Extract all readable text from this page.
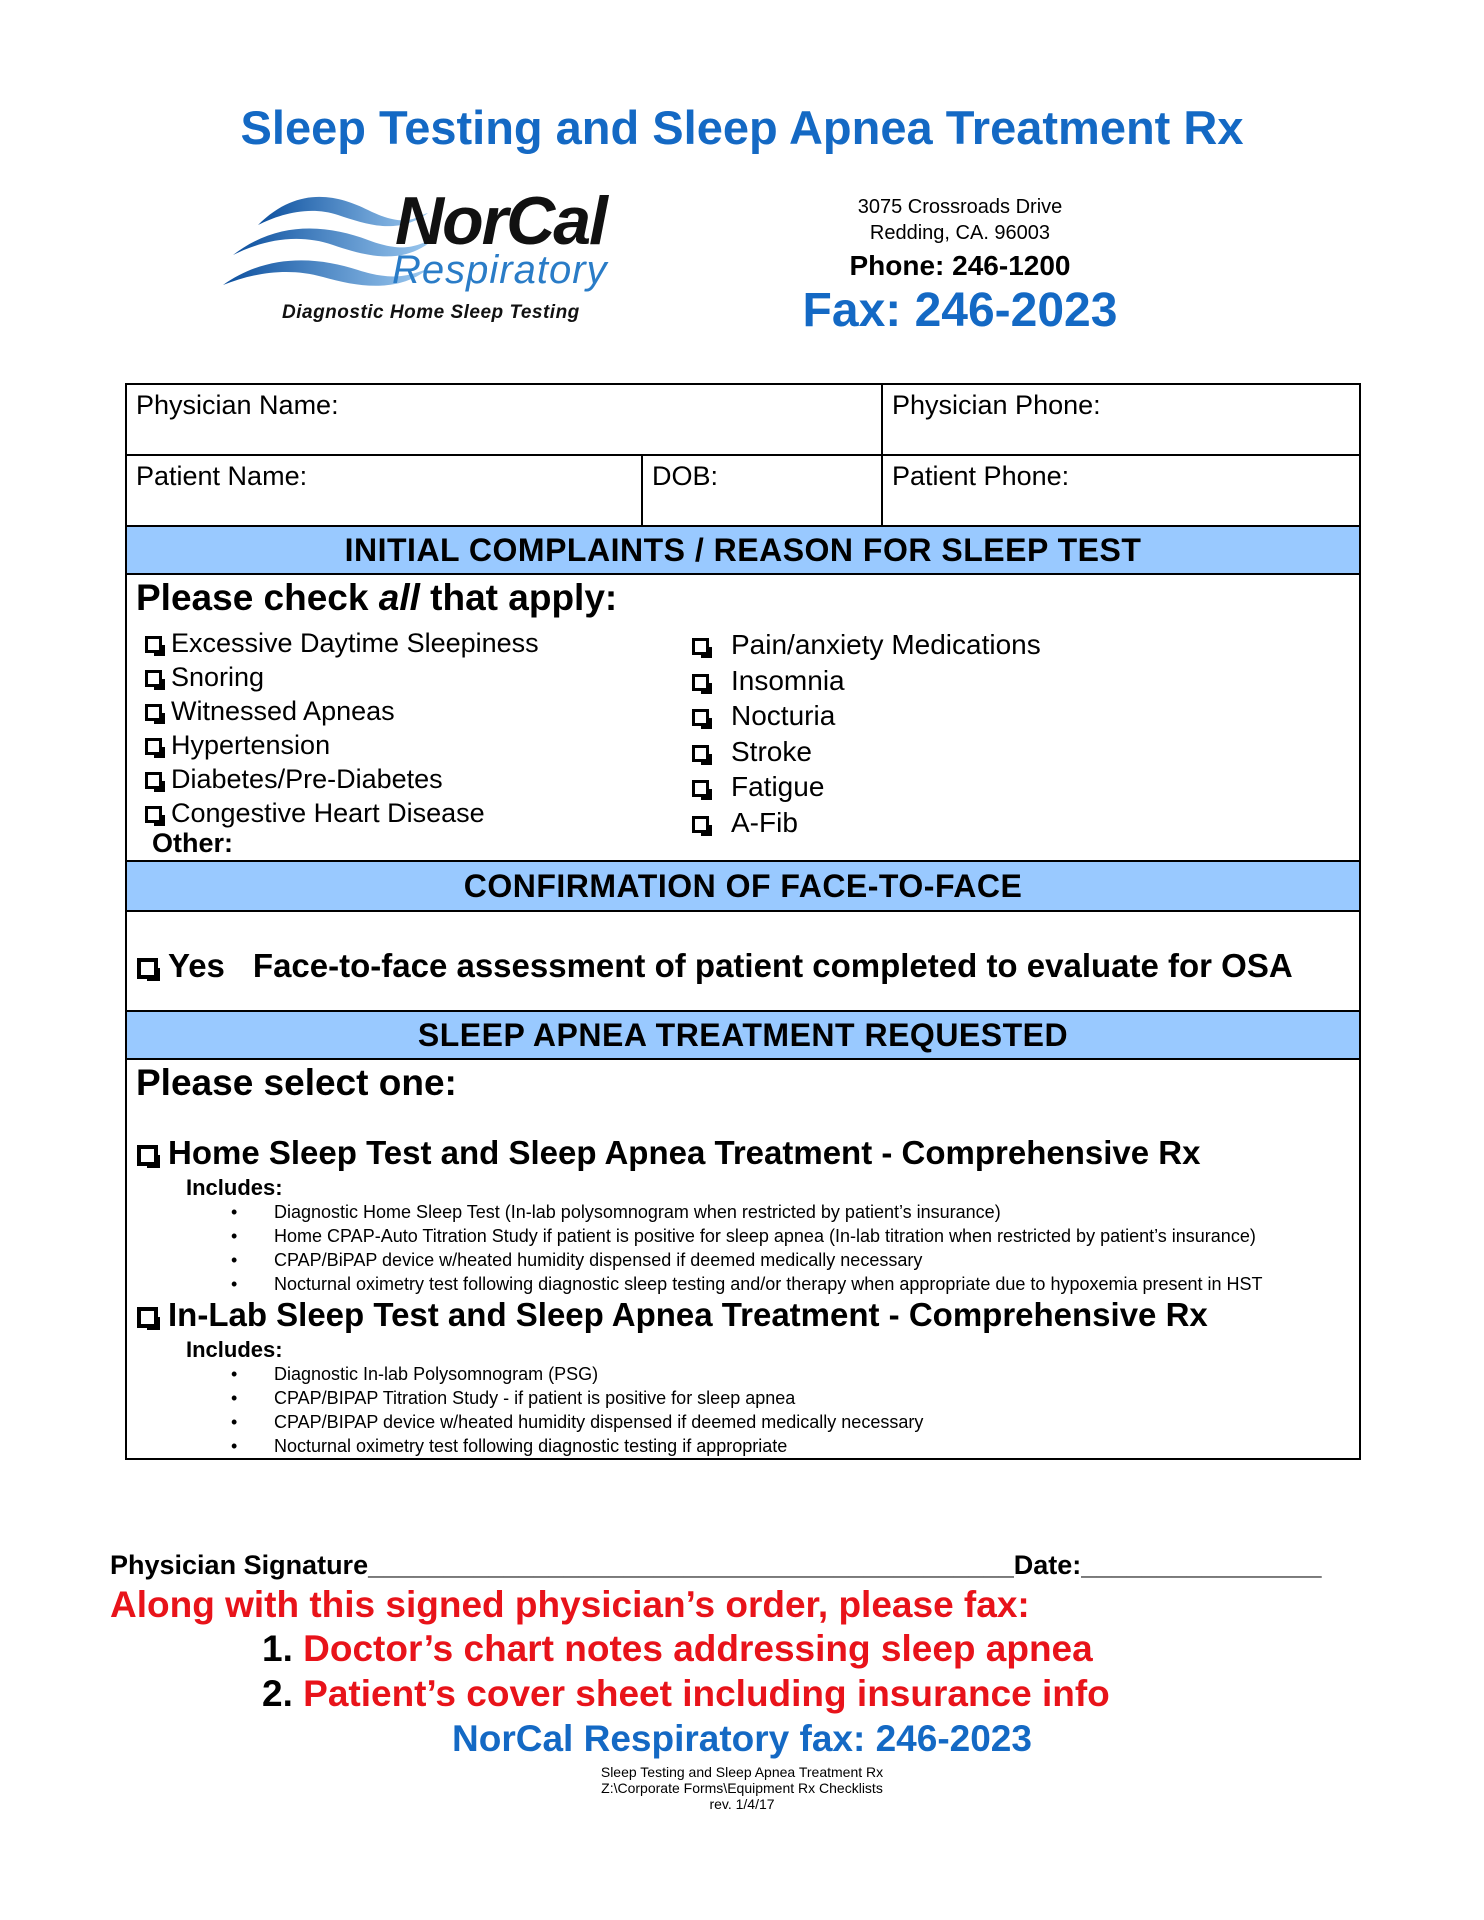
Sleep Testing and Sleep Apnea Treatment Rx
NorCal
Respiratory
Diagnostic Home Sleep Testing
3075 Crossroads Drive
Redding, CA. 96003
Phone: 246-1200
Fax: 246-2023
Physician Name:	Physician Phone:
Patient Name:	DOB:	Patient Phone:
INITIAL COMPLAINTS / REASON FOR SLEEP TEST
Please check all that apply:
Excessive Daytime Sleepiness
Snoring
Witnessed Apneas
Hypertension
Diabetes/Pre-Diabetes
Congestive Heart Disease
Pain/anxiety Medications
Insomnia
Nocturia
Stroke
Fatigue
A-Fib
Other:
CONFIRMATION OF FACE-TO-FACE
Yes Face-to-face assessment of patient completed to evaluate for OSA
SLEEP APNEA TREATMENT REQUESTED
Please select one:
Home Sleep Test and Sleep Apnea Treatment - Comprehensive Rx
Includes:
• Diagnostic Home Sleep Test (In-lab polysomnogram when restricted by patient’s insurance)
• Home CPAP-Auto Titration Study if patient is positive for sleep apnea (In-lab titration when restricted by patient’s insurance)
• CPAP/BiPAP device w/heated humidity dispensed if deemed medically necessary
• Nocturnal oximetry test following diagnostic sleep testing and/or therapy when appropriate due to hypoxemia present in HST
In-Lab Sleep Test and Sleep Apnea Treatment - Comprehensive Rx
Includes:
• Diagnostic In-lab Polysomnogram (PSG)
• CPAP/BIPAP Titration Study - if patient is positive for sleep apnea
• CPAP/BIPAP device w/heated humidity dispensed if deemed medically necessary
• Nocturnal oximetry test following diagnostic testing if appropriate
Physician Signature___________________________________________Date:________________
Along with this signed physician’s order, please fax:
1. Doctor’s chart notes addressing sleep apnea
2. Patient’s cover sheet including insurance info
NorCal Respiratory fax: 246-2023
Sleep Testing and Sleep Apnea Treatment Rx
Z:\Corporate Forms\Equipment Rx Checklists
rev. 1/4/17
